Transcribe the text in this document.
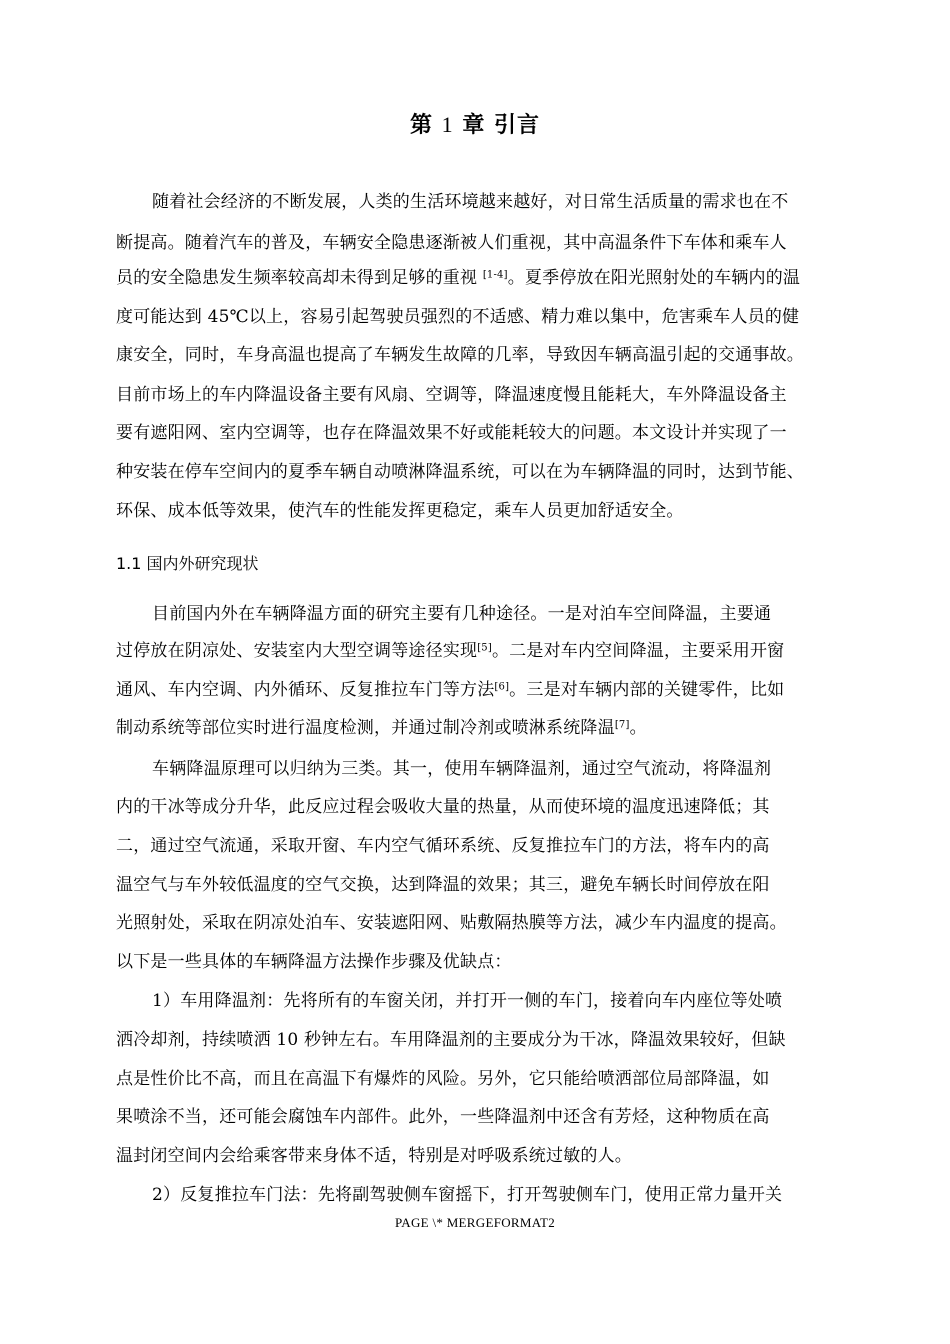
第 1 章 引言
随着社会经济的不断发展，人类的生活环境越来越好，对日常生活质量的需求也在不
断提高。随着汽车的普及，车辆安全隐患逐渐被人们重视，其中高温条件下车体和乘车人
员的安全隐患发生频率较高却未得到足够的重视 [1-4]。夏季停放在阳光照射处的车辆内的温
度可能达到 45℃以上，容易引起驾驶员强烈的不适感、精力难以集中，危害乘车人员的健
康安全，同时，车身高温也提高了车辆发生故障的几率，导致因车辆高温引起的交通事故。
目前市场上的车内降温设备主要有风扇、空调等，降温速度慢且能耗大，车外降温设备主
要有遮阳网、室内空调等，也存在降温效果不好或能耗较大的问题。本文设计并实现了一
种安装在停车空间内的夏季车辆自动喷淋降温系统，可以在为车辆降温的同时，达到节能、
环保、成本低等效果，使汽车的性能发挥更稳定，乘车人员更加舒适安全。
1.1 国内外研究现状
目前国内外在车辆降温方面的研究主要有几种途径。一是对泊车空间降温，主要通
过停放在阴凉处、安装室内大型空调等途径实现[5]。二是对车内空间降温，主要采用开窗
通风、车内空调、内外循环、反复推拉车门等方法[6]。三是对车辆内部的关键零件，比如
制动系统等部位实时进行温度检测，并通过制冷剂或喷淋系统降温[7]。
车辆降温原理可以归纳为三类。其一，使用车辆降温剂，通过空气流动，将降温剂
内的干冰等成分升华，此反应过程会吸收大量的热量，从而使环境的温度迅速降低；其
二，通过空气流通，采取开窗、车内空气循环系统、反复推拉车门的方法，将车内的高
温空气与车外较低温度的空气交换，达到降温的效果；其三，避免车辆长时间停放在阳
光照射处，采取在阴凉处泊车、安装遮阳网、贴敷隔热膜等方法，减少车内温度的提高。
以下是一些具体的车辆降温方法操作步骤及优缺点：
1）车用降温剂：先将所有的车窗关闭，并打开一侧的车门，接着向车内座位等处喷
洒冷却剂，持续喷洒 10 秒钟左右。车用降温剂的主要成分为干冰，降温效果较好，但缺
点是性价比不高，而且在高温下有爆炸的风险。另外，它只能给喷洒部位局部降温，如
果喷涂不当，还可能会腐蚀车内部件。此外，一些降温剂中还含有芳烃，这种物质在高
温封闭空间内会给乘客带来身体不适，特别是对呼吸系统过敏的人。
2）反复推拉车门法：先将副驾驶侧车窗摇下，打开驾驶侧车门，使用正常力量开关
PAGE \* MERGEFORMAT2
